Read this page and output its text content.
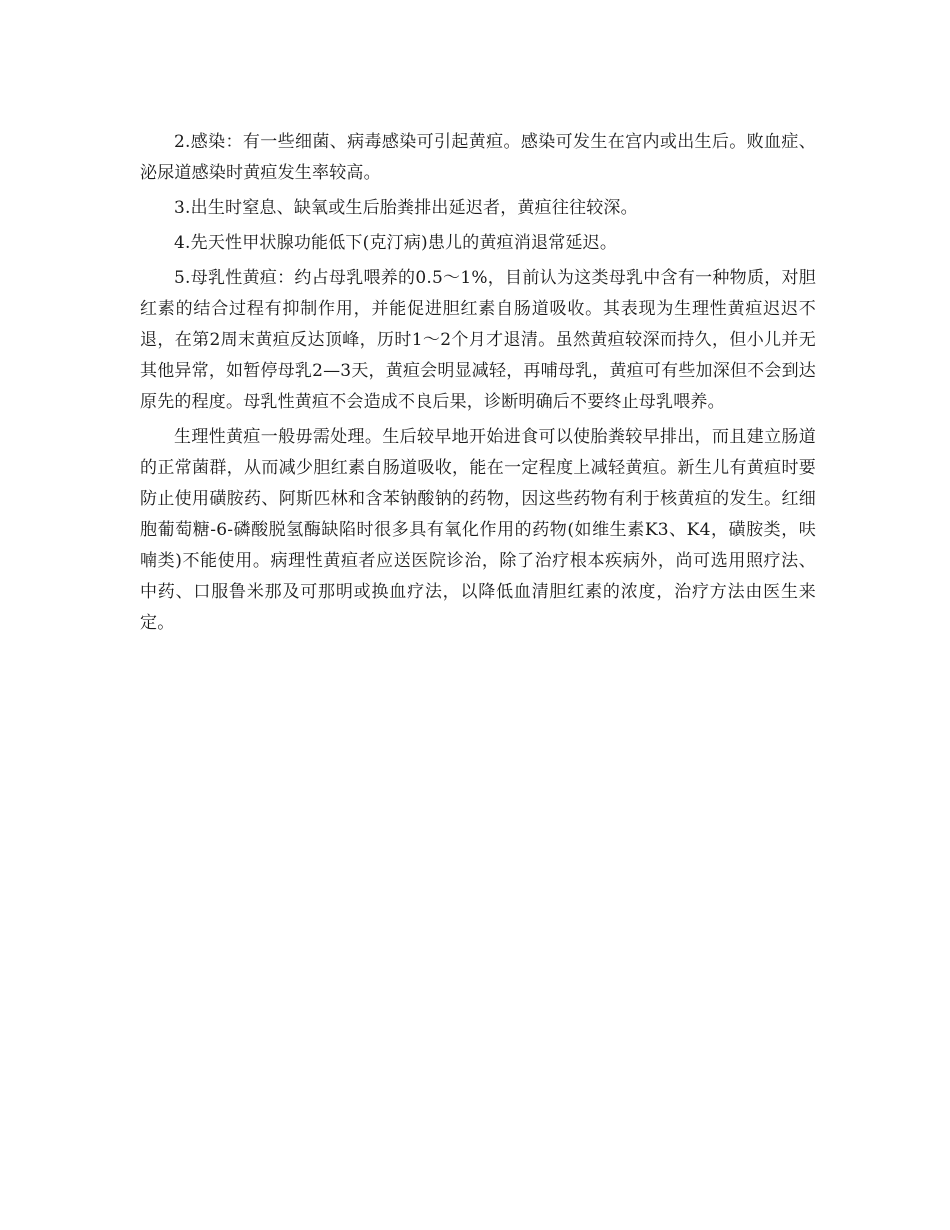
2.感染：有一些细菌、病毒感染可引起黄疸。感染可发生在宫内或出生后。败血症、泌尿道感染时黄疸发生率较高。

3.出生时窒息、缺氧或生后胎粪排出延迟者，黄疸往往较深。

4.先天性甲状腺功能低下(克汀病)患儿的黄疸消退常延迟。

5.母乳性黄疸：约占母乳喂养的0.5～1%，目前认为这类母乳中含有一种物质，对胆红素的结合过程有抑制作用，并能促进胆红素自肠道吸收。其表现为生理性黄疸迟迟不退，在第2周末黄疸反达顶峰，历时1～2个月才退清。虽然黄疸较深而持久，但小儿并无其他异常，如暂停母乳2—3天，黄疸会明显减轻，再哺母乳，黄疸可有些加深但不会到达原先的程度。母乳性黄疸不会造成不良后果，诊断明确后不要终止母乳喂养。

生理性黄疸一般毋需处理。生后较早地开始进食可以使胎粪较早排出，而且建立肠道的正常菌群，从而减少胆红素自肠道吸收，能在一定程度上减轻黄疸。新生儿有黄疸时要防止使用磺胺药、阿斯匹林和含苯钠酸钠的药物，因这些药物有利于核黄疸的发生。红细胞葡萄糖-6-磷酸脱氢酶缺陷时很多具有氧化作用的药物(如维生素K3、K4，磺胺类，呋喃类)不能使用。病理性黄疸者应送医院诊治，除了治疗根本疾病外，尚可选用照疗法、中药、口服鲁米那及可那明或换血疗法，以降低血清胆红素的浓度，治疗方法由医生来定。
